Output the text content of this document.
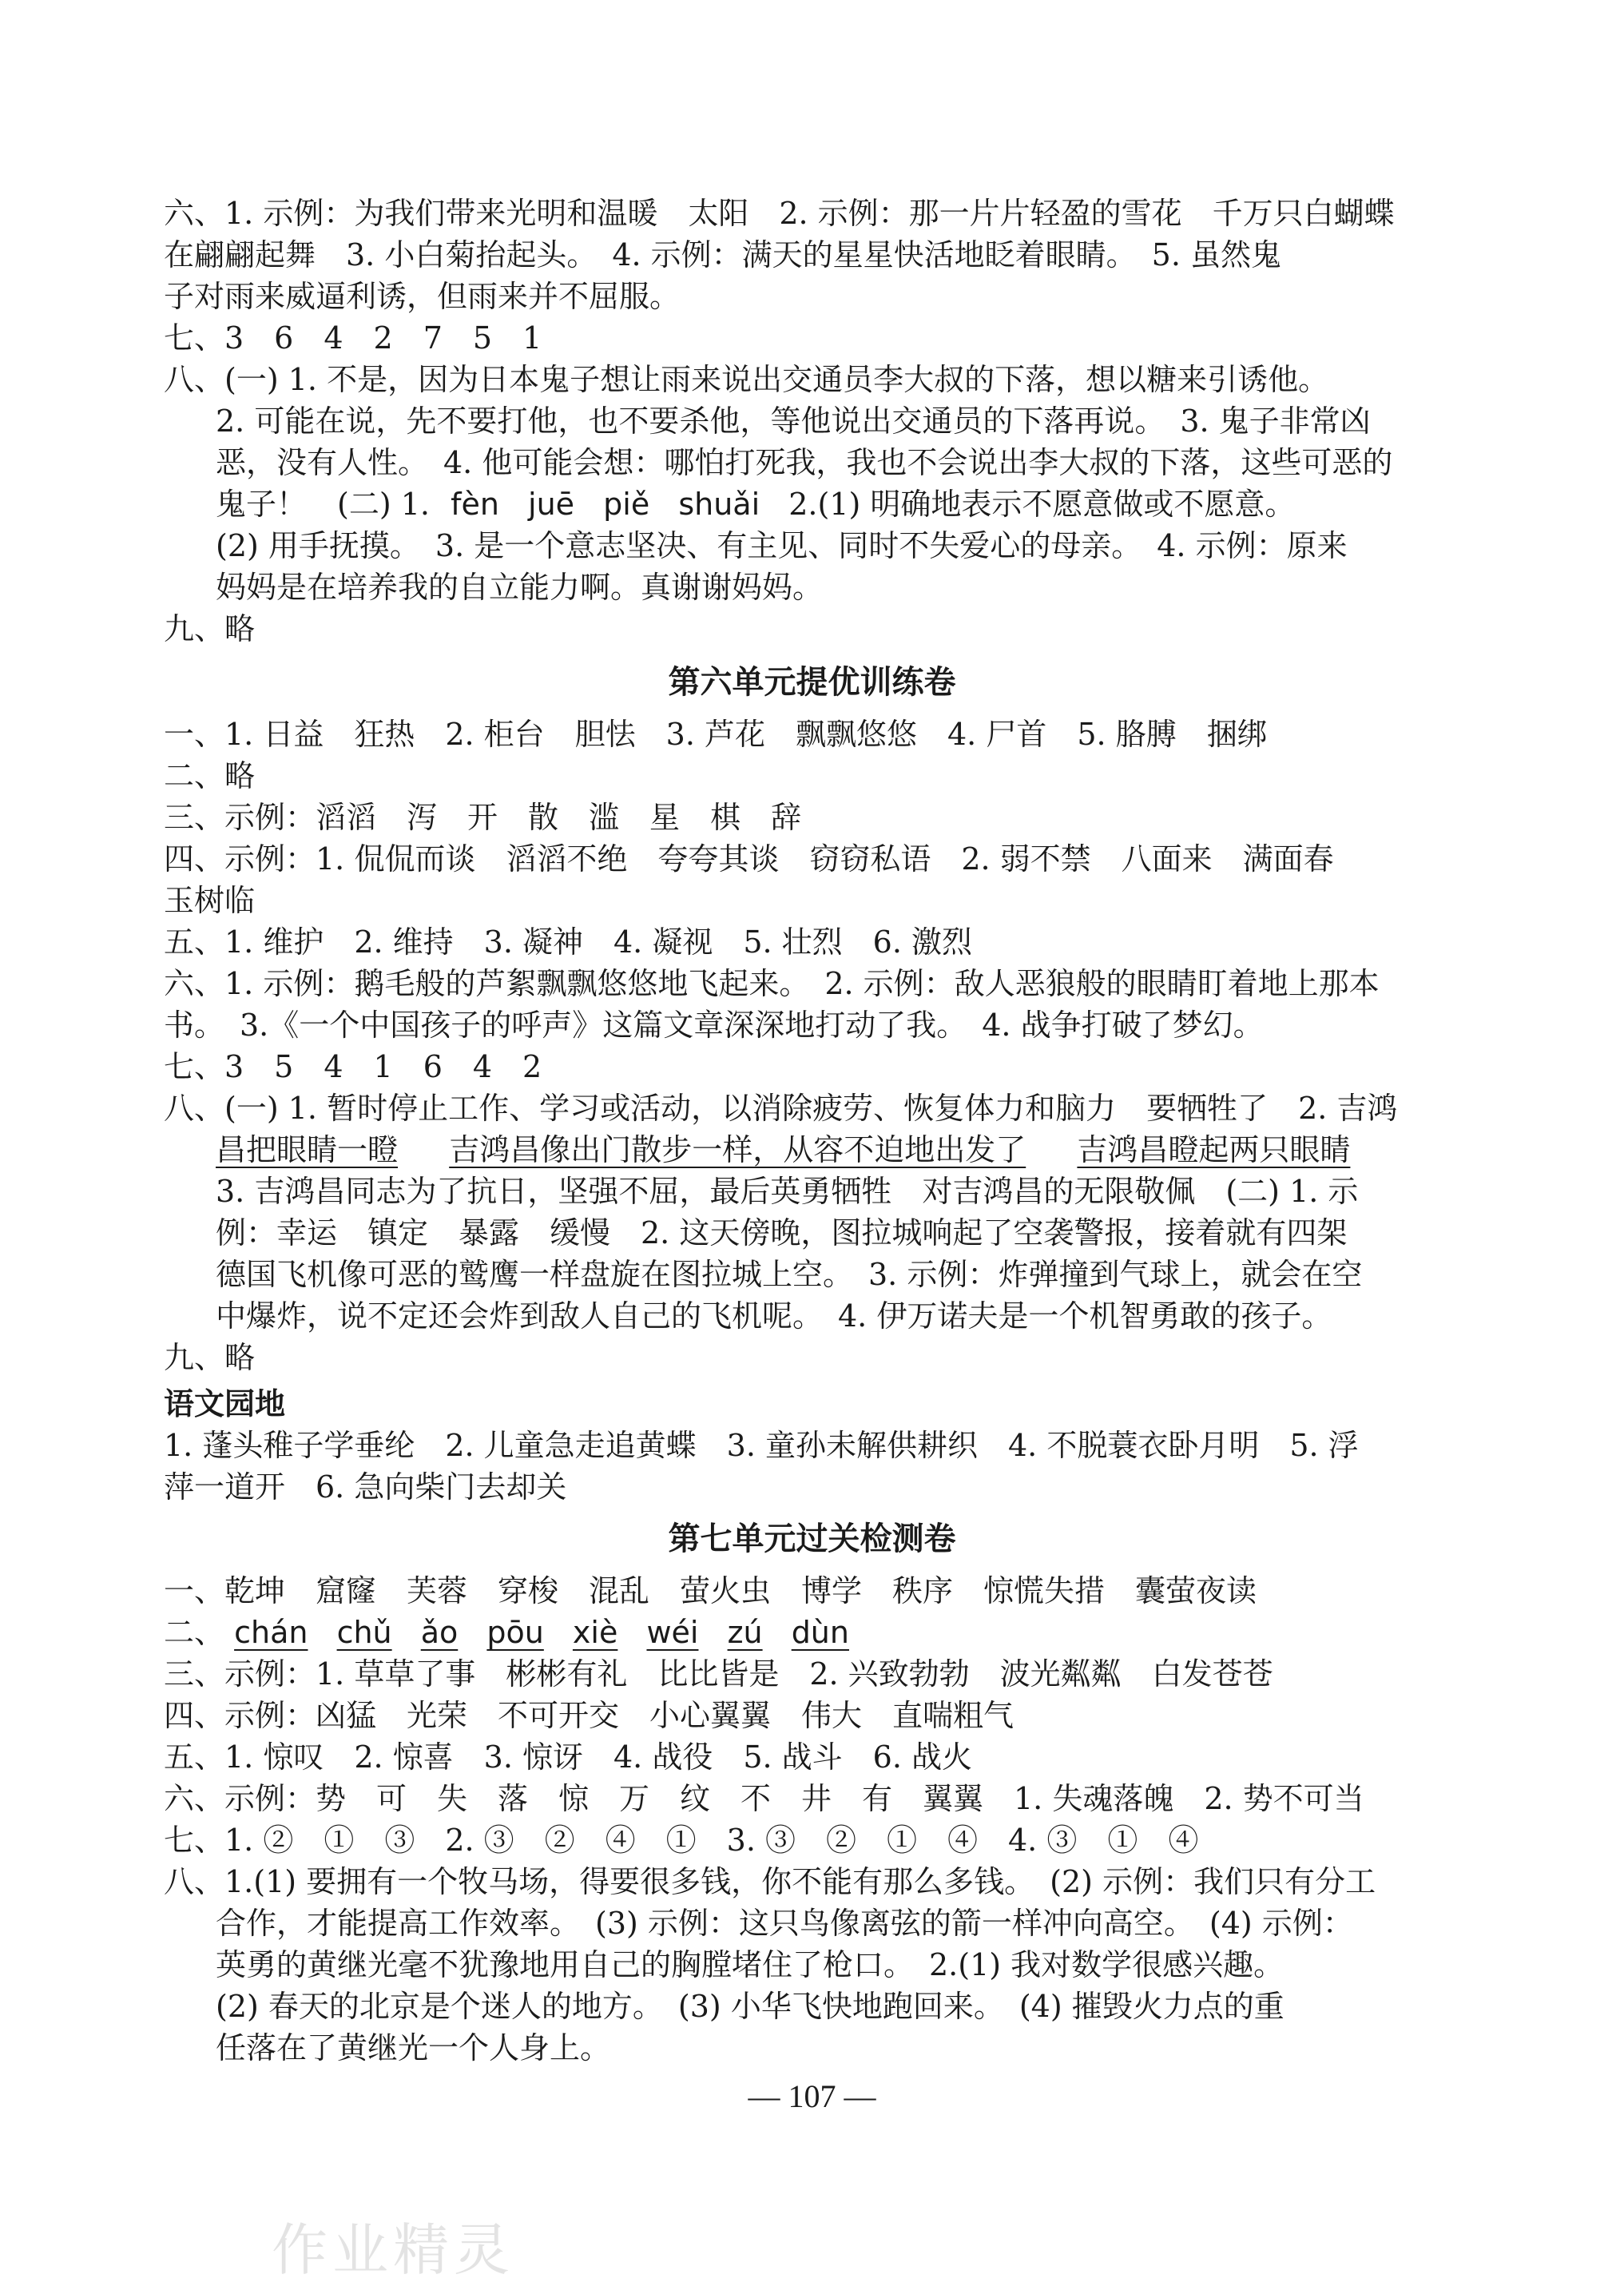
六、1. 示例：为我们带来光明和温暖　太阳　2. 示例：那一片片轻盈的雪花　千万只白蝴蝶
在翩翩起舞　3. 小白菊抬起头。　4. 示例：满天的星星快活地眨着眼睛。　5. 虽然鬼
子对雨来威逼利诱，但雨来并不屈服。
七、3　6　4　2　7　5　1
八、(一) 1. 不是，因为日本鬼子想让雨来说出交通员李大叔的下落，想以糖来引诱他。
2. 可能在说，先不要打他，也不要杀他，等他说出交通员的下落再说。　3. 鬼子非常凶
恶，没有人性。　4. 他可能会想：哪怕打死我，我也不会说出李大叔的下落，这些可恶的
鬼子！　(二) 1. fèn juē piě shuǎi 2.(1) 明确地表示不愿意做或不愿意。
(2) 用手抚摸。　3. 是一个意志坚决、有主见、同时不失爱心的母亲。　4. 示例：原来
妈妈是在培养我的自立能力啊。真谢谢妈妈。
九、略
第六单元提优训练卷
一、1. 日益　狂热　2. 柜台　胆怯　3. 芦花　飘飘悠悠　4. 尸首　5. 胳膊　捆绑
二、略
三、示例：滔滔　泻　开　散　滥　星　棋　辞
四、示例：1. 侃侃而谈　滔滔不绝　夸夸其谈　窃窃私语　2. 弱不禁　八面来　满面春
玉树临
五、1. 维护　2. 维持　3. 凝神　4. 凝视　5. 壮烈　6. 激烈
六、1. 示例：鹅毛般的芦絮飘飘悠悠地飞起来。　2. 示例：敌人恶狼般的眼睛盯着地上那本
书。　3.《一个中国孩子的呼声》这篇文章深深地打动了我。　4. 战争打破了梦幻。
七、3　5　4　1　6　4　2
八、(一) 1. 暂时停止工作、学习或活动，以消除疲劳、恢复体力和脑力　要牺牲了　2. 吉鸿
昌把眼睛一瞪 吉鸿昌像出门散步一样，从容不迫地出发了 吉鸿昌瞪起两只眼睛
3. 吉鸿昌同志为了抗日，坚强不屈，最后英勇牺牲　对吉鸿昌的无限敬佩　(二) 1. 示
例：幸运　镇定　暴露　缓慢　2. 这天傍晚，图拉城响起了空袭警报，接着就有四架
德国飞机像可恶的鹫鹰一样盘旋在图拉城上空。　3. 示例：炸弹撞到气球上，就会在空
中爆炸，说不定还会炸到敌人自己的飞机呢。　4. 伊万诺夫是一个机智勇敢的孩子。
九、略
语文园地
1. 蓬头稚子学垂纶　2. 儿童急走追黄蝶　3. 童孙未解供耕织　4. 不脱蓑衣卧月明　5. 浮
萍一道开　6. 急向柴门去却关
第七单元过关检测卷
一、乾坤　窟窿　芙蓉　穿梭　混乱　萤火虫　博学　秩序　惊慌失措　囊萤夜读
二、 chán chǔ ǎo pōu xiè wéi zú dùn
三、示例：1. 草草了事　彬彬有礼　比比皆是　2. 兴致勃勃　波光粼粼　白发苍苍
四、示例：凶猛　光荣　不可开交　小心翼翼　伟大　直喘粗气
五、1. 惊叹　2. 惊喜　3. 惊讶　4. 战役　5. 战斗　6. 战火
六、示例：势　可　失　落　惊　万　纹　不　井　有　翼翼　1. 失魂落魄　2. 势不可当
七、1. ②　①　③　2. ③　②　④　①　3. ③　②　①　④　4. ③　①　④
八、1.(1) 要拥有一个牧马场，得要很多钱，你不能有那么多钱。　(2) 示例：我们只有分工
合作，才能提高工作效率。　(3) 示例：这只鸟像离弦的箭一样冲向高空。　(4) 示例：
英勇的黄继光毫不犹豫地用自己的胸膛堵住了枪口。　2.(1) 我对数学很感兴趣。
(2) 春天的北京是个迷人的地方。　(3) 小华飞快地跑回来。　(4) 摧毁火力点的重
任落在了黄继光一个人身上。
— 107 —
作业精灵
